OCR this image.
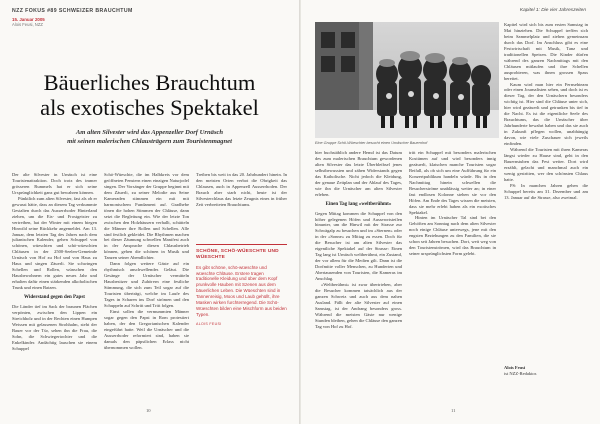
NZZ FOKUS #89 SCHWEIZER BRAUCHTUM
15. Januar 2005
Alois Feusi, NZZ
Bäuerliches Brauchtum
als exotisches Spektakel
Am alten Silvester wird das Appenzeller Dorf Urnäsch
mit seinen malerischen Chlausträgern zum Touristenmagnet

Der alte Silvester in Urnäsch ist eine Touristenattraktion. Doch trotz des immer grösseren Rummels hat er sich seine Ursprünglichkeit ganz gut bewahren können.

Pünktlich zum alten Silvester, fast als ob er gewusst hätte, dass an diesem Tag verkummte Gestalten durch das Ausserrhoder Hinterland ziehen, um die Eis- und Frostgeister zu vertreiben, hat der Winter mit einem biegen Hinwild seine Rückkehr angemeldet. Am 13. Januar, dem letzten Tag des Jahres nach dem julianischen Kalender, gehen Schuppel von schönen, wüeschten und schö-wüeschten Chläusen in der 2500-Seelen-Gemeinde Urnäsch von Hof zu Hof und von Haus zu Haus und singen Zäuerli. Sie schwingen Schellen und Rollen, wünschen den Hausbewohnern ein gutes neues Jahr und erhalten dafür einen stärkenden alkoholischen Trunk und einen Batzen.

Widerstand gegen den Papst

Die Länder tief im Sack der braunen Flächen verpönten, zwischen den Lippen ein Streichholz und in der Rechten einen Humpen Weissen mit gelassenen Strohhalm, steht der Bauer vor der Tür, sehen ihn die Frau, die Sohn, die Schwiegertochter und die Enkelkinder. Andächtig lauschen sie einem Schuppel

Schö-Wüeschte, die im Halbkreis vor dem geöffneten Fenstern einen einzigen Naturjodel singen. Der Vorsänger der Gruppe beginnt mit dem Zäuerli, zu seiner Melodie aus Seine Kameraden stimmen ein mit mit harmonischem Fundament auf. Gradhebe tönen die hohen Stimmen der Chläuse, dann setzt die Begleitung ein. Wie der letzte Ton zwischen den Holzhäusern verhallt, schütteln die Männer ihre Rollen und Schellen. Alle sind festlich gekleidet. Die Rhythmen machen bei dieser Zäumung schwellen Manifest auch in der Ansprache diesen Chlausbetrieb können, gehen die schönen in Musik und Tanzen seiner Abendlichter.

Dann folgen weitere Gäste auf ein rhythmisch anschwellendes Geläut. Die Gesänge der Urnäscher vermitteln Hausbesitzer und Zuhörern eine festliche Stimmung, die sich zum Teil sogar auf die Touristen überträgt, welche im Laufe des Tages in Scharen ins Dorf strömen und den Schuppeln auf Schritt und Tritt folgen.

Einst sollen die vermummten Männer sogar gegen den Papst in Rom protestiert haben, der den Gregorianischen Kalender eingeführt hatte. Weil die Urnäscher und die Ausserrhoder reformiert sind, haben sie damals den päpstlichen Erlass nicht übernommen wollen.

Treiben bis weit in das 20. Jahrhundert hinein. In den meisten Orten verbot die Obrigkeit das Chlausen, auch in Appenzell Ausserrhoden. Der Brauch aber starb nicht, heute ist der Silvesterchlaus das letzte Zeugnis eines in früher Zeit verbreiteten Brauchtums.

SCHÖNE, SCHÖ-WÜESCHTE UND WÜESCHTE
Es gibt schöne, schö-wüeschte und wüeschte Chläuse. Erstere tragen traditionelle Kleidung und über dem Kopf prunkvolle Hauben mit Szenen aus dem bäuerlichen Leben. Die Wüeschten sind in Tannenreisig, Moos und Laub gehüllt, ihre Masken wirken furchterregend. Die Schö-Wüeschten bilden eine Mischform aus beiden Typen.
ALOIS FEUSI
10
Kapitel 1: Die vier Jahreszeiten
Eine Gruppe Schö-Wüeschter besucht einen Urnäscher Bauernhof

hier buchstäblich andere Hemd ist das Datum des zum malerischen Brauchtum gewordenen alten Silvester das letzte Überbleibsel jenes selbstbewussten und zähen Widerstands gegen das Katholische. Nicht jedoch die Kleidung, der genaue Zeitplan und der Ablauf des Tages, wie ihn die Urnäscher am alten Silvester erleben.

Einen Tag lang «weltberühmt»

Gegen Mittag kommen die Schuppel von den höher gelegenen Höfen und Ausserortsteilen hinunter, um die Hinwil mit der Strasse zur Schwägalp zu besuchen und im «Sternen» oder in der «Sonne» zu Mittag zu essen. Doch für die Besucher ist am alten Silvester das eigentliche Spektakel auf der Strasse: Einen Tag lang ist Urnäsch weltberühmt, ein Zustand, der vor allem für die Medien gilt. Dann ist die Dorfmitte voller Menschen, zu Hunderten und Abertausenden von Touristen, die Kameras im Anschlag.

«Weltberühmt» ist zwar übertrieben, aber die Besucher kommen tatsächlich aus der ganzen Schweiz und auch aus dem nahen Ausland. Fällt der alte Silvester auf einen Samstag, ist der Andrang besonders gross. Während die meisten Gäste nur wenige Stunden bleiben, gehen die Chläuse den ganzen Tag von Hof zu Hof.

tritt ein Schuppel mit besonders malerischen Kostümen auf und wird besonders innig gezäuerlt, klatschen manche Touristen sogar Beifall, als ob sich um eine Aufführung für ein Konzertpublikum handeln würde. Bis in den Nachmittag hinein schwellen die Besucherströme unablässig weiter an; in einer fast endlosen Kolonne stehen sie vor den Höfen. Am Ende des Tages wissen die meisten, dass sie mehr erlebt haben als ein exotisches Spektakel.

Hinten im Urnäscher Tal sind bei den Gehöften am Sonntag nach dem alten Silvester noch einige Chläuse unterwegs, jene mit den engsten Beziehungen zu den Familien, die sie schon seit Jahren besuchen. Dort, weit weg von den Touristenströmen, wird das Brauchtum in seiner ursprünglichsten Form gelebt.

Kapitel wird sich bis zum ersten Samstag in Mai hinziehen. Die Schuppel treffen sich beim Sammelplatz und ziehen gemeinsam durch das Dorf. Im Anschluss gibt es eine Festwirtschaft mit Musik, Tanz und traditionellen Speisen. Die Kinder dürfen während des ganzen Nachmittags mit den Chläusen mitlaufen und ihre Schellen ausprobieren, was ihnen grossen Spass bereitet.

Kaum wird man hier ein Fernsehteam oder einen Journalisten sehen, und doch ist es dieser Tag, der den Urnäschern besonders wichtig ist. Hier sind die Chläuse unter sich, hier wird gezäuerlt und getrunken bis tief in die Nacht. Es ist die eigentliche Seele des Brauchtums, das die Urnäscher über Jahrhunderte bewahrt haben und das sie auch in Zukunft pflegen wollen, unabhängig davon, wie viele Zuschauer sich jeweils einfinden.

Während die Touristen mit ihren Kameras längst wieder zu Hause sind, geht in den Bauernstuben das Fest weiter. Dort wird erzählt, gelacht und manchmal auch ein wenig gestritten, wer den schönsten Chlaus hatte.

PS: In manchen Jahren gehen die Schuppel bereits am 31. Dezember und am 13. Januar auf die Strasse, also zweimal.

Alois Feusi
ist NZZ-Redaktor.
11
